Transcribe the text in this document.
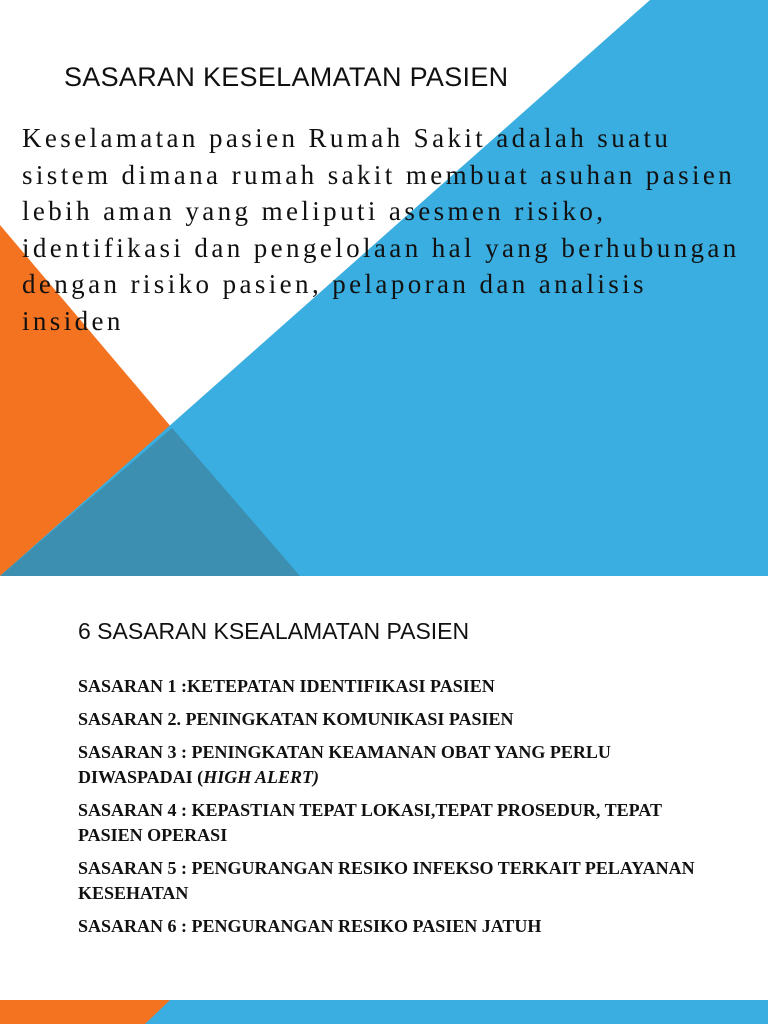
SASARAN KESELAMATAN PASIEN

Keselamatan pasien Rumah Sakit adalah suatu sistem dimana rumah sakit membuat asuhan pasien lebih aman yang meliputi asesmen risiko, identifikasi dan pengelolaan hal yang berhubungan dengan risiko pasien, pelaporan dan analisis insiden

6 SASARAN KSEALAMATAN PASIEN
SASARAN 1 :KETEPATAN IDENTIFIKASI PASIEN
SASARAN 2. PENINGKATAN KOMUNIKASI PASIEN
SASARAN 3 : PENINGKATAN KEAMANAN OBAT YANG PERLU DIWASPADAI (HIGH ALERT)
SASARAN 4 : KEPASTIAN TEPAT LOKASI,TEPAT PROSEDUR, TEPAT PASIEN OPERASI
SASARAN 5 : PENGURANGAN RESIKO INFEKSO TERKAIT PELAYANAN KESEHATAN
SASARAN 6 : PENGURANGAN RESIKO PASIEN JATUH
